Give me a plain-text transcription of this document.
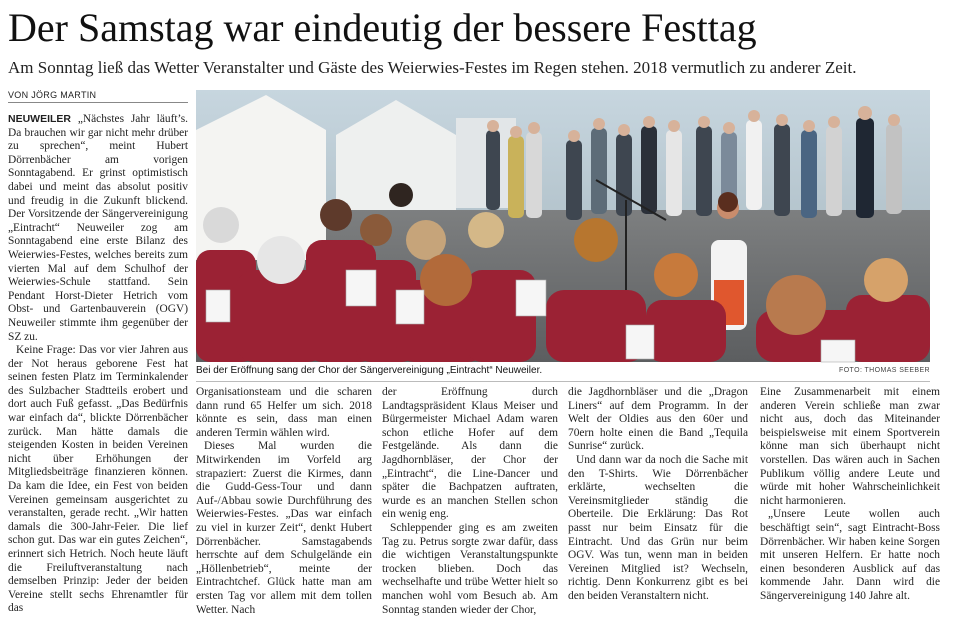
Der Samstag war eindeutig der bessere Festtag
Am Sonntag ließ das Wetter Veranstalter und Gäste des Weierwies-Festes im Regen stehen. 2018 vermutlich zu anderer Zeit.
VON JÖRG MARTIN

NEUWEILER „Nächstes Jahr läuft’s. Da brauchen wir gar nicht mehr drüber zu sprechen“, meint Hubert Dörrenbächer am vorigen Sonntagabend. Er grinst optimistisch dabei und meint das absolut positiv und freudig in die Zukunft blickend. Der Vorsitzende der Sängervereinigung „Eintracht“ Neuweiler zog am Sonntagabend eine erste Bilanz des Weierwies-Festes, welches bereits zum vierten Mal auf dem Schulhof der Weierwies-Schule stattfand. Sein Pendant Horst-Dieter Hetrich vom Obst- und Gartenbauverein (OGV) Neuweiler stimmte ihm gegenüber der SZ zu.

Keine Frage: Das vor vier Jahren aus der Not heraus geborene Fest hat seinen festen Platz im Terminkalender des Sulzbacher Stadtteils erobert und dort auch Fuß gefasst. „Das Bedürfnis war einfach da“, blickte Dörrenbächer zurück. Man hätte damals die steigenden Kosten in beiden Vereinen nicht über Erhöhungen der Mitgliedsbeiträge finanzieren können. Da kam die Idee, ein Fest von beiden Vereinen gemeinsam ausgerichtet zu veranstalten, gerade recht. „Wir hatten damals die 300-Jahr-Feier. Die lief schon gut. Das war ein gutes Zeichen“, erinnert sich Hetrich. Noch heute läuft die Freiluftveranstaltung nach demselben Prinzip: Jeder der beiden Vereine stellt sechs Ehrenamtler für das

Bei der Eröffnung sang der Chor der Sängervereinigung „Eintracht“ Neuweiler.	FOTO: THOMAS SEEBER

Organisationsteam und die scharen dann rund 65 Helfer um sich. 2018 könnte es sein, dass man einen anderen Termin wählen wird.

Dieses Mal wurden die Mitwirkenden im Vorfeld arg strapaziert: Zuerst die Kirmes, dann die Gudd-Gess-Tour und dann Auf-/Abbau sowie Durchführung des Weierwies-Festes. „Das war einfach zu viel in kurzer Zeit“, denkt Hubert Dörrenbächer. Samstagabends herrschte auf dem Schulgelände ein „Höllenbetrieb“, meinte der Eintrachtchef. Glück hatte man am ersten Tag vor allem mit dem tollen Wetter. Nach

der Eröffnung durch Landtagspräsident Klaus Meiser und Bürgermeister Michael Adam waren schon etliche Hofer auf dem Festgelände. Als dann die Jagdhornbläser, der Chor der „Eintracht“, die Line-Dancer und später die Bachpatzen auftraten, wurde es an manchen Stellen schon ein wenig eng.

Schleppender ging es am zweiten Tag zu. Petrus sorgte zwar dafür, dass die wichtigen Veranstaltungspunkte trocken blieben. Doch das wechselhafte und trübe Wetter hielt so manchen wohl vom Besuch ab. Am Sonntag standen wieder der Chor,

die Jagdhornbläser und die „Dragon Liners“ auf dem Programm. In der Welt der Oldies aus den 60er und 70ern holte einen die Band „Tequila Sunrise“ zurück.

Und dann war da noch die Sache mit den T-Shirts. Wie Dörrenbächer erklärte, wechselten die Vereinsmitglieder ständig die Oberteile. Die Erklärung: Das Rot passt nur beim Einsatz für die Eintracht. Und das Grün nur beim OGV. Was tun, wenn man in beiden Vereinen Mitglied ist? Wechseln, richtig. Denn Konkurrenz gibt es bei den beiden Veranstaltern nicht.

Eine Zusammenarbeit mit einem anderen Verein schließe man zwar nicht aus, doch das Miteinander beispielsweise mit einem Sportverein könne man sich überhaupt nicht vorstellen. Das wären auch in Sachen Publikum völlig andere Leute und würde mit hoher Wahrscheinlichkeit nicht harmonieren.

„Unsere Leute wollen auch beschäftigt sein“, sagt Eintracht-Boss Dörrenbächer. Wir haben keine Sorgen mit unseren Helfern. Er hatte noch einen besonderen Ausblick auf das kommende Jahr. Dann wird die Sängervereinigung 140 Jahre alt.
